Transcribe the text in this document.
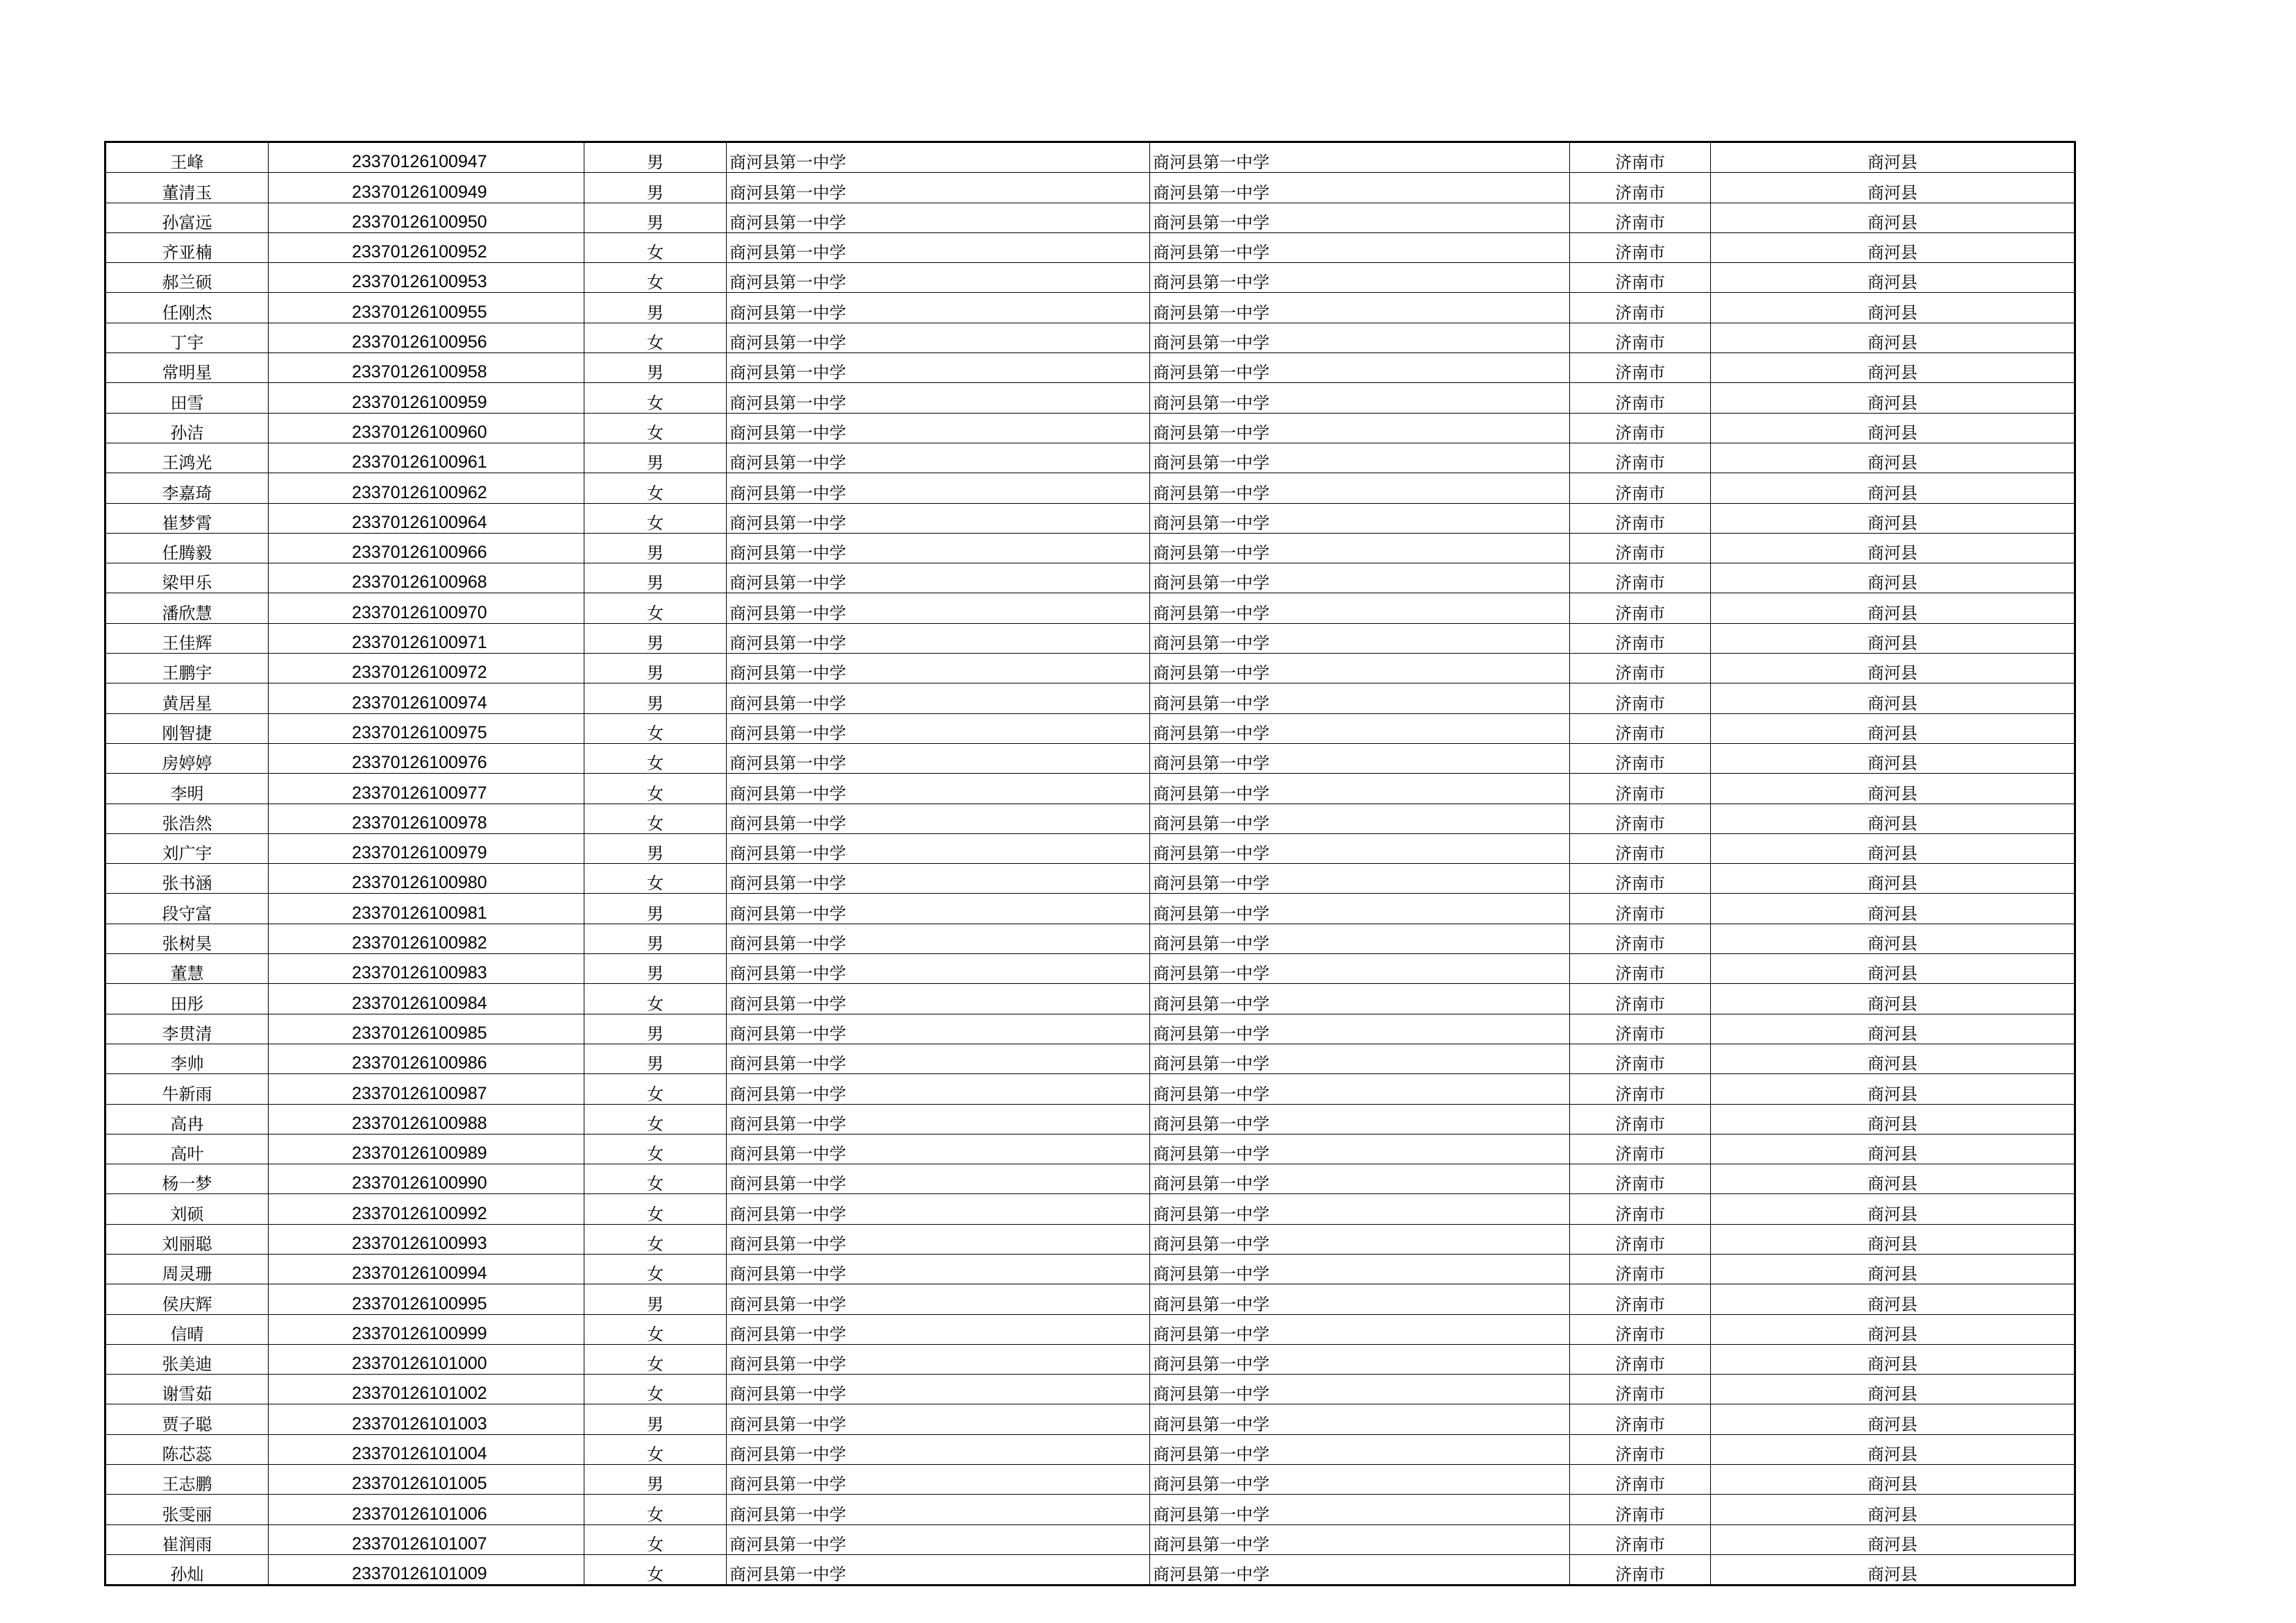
王峰	23370126100947	男	商河县第一中学	商河县第一中学	济南市	商河县
董清玉	23370126100949	男	商河县第一中学	商河县第一中学	济南市	商河县
孙富远	23370126100950	男	商河县第一中学	商河县第一中学	济南市	商河县
齐亚楠	23370126100952	女	商河县第一中学	商河县第一中学	济南市	商河县
郝兰硕	23370126100953	女	商河县第一中学	商河县第一中学	济南市	商河县
任刚杰	23370126100955	男	商河县第一中学	商河县第一中学	济南市	商河县
丁宇	23370126100956	女	商河县第一中学	商河县第一中学	济南市	商河县
常明星	23370126100958	男	商河县第一中学	商河县第一中学	济南市	商河县
田雪	23370126100959	女	商河县第一中学	商河县第一中学	济南市	商河县
孙洁	23370126100960	女	商河县第一中学	商河县第一中学	济南市	商河县
王鸿光	23370126100961	男	商河县第一中学	商河县第一中学	济南市	商河县
李嘉琦	23370126100962	女	商河县第一中学	商河县第一中学	济南市	商河县
崔梦霄	23370126100964	女	商河县第一中学	商河县第一中学	济南市	商河县
任腾毅	23370126100966	男	商河县第一中学	商河县第一中学	济南市	商河县
梁甲乐	23370126100968	男	商河县第一中学	商河县第一中学	济南市	商河县
潘欣慧	23370126100970	女	商河县第一中学	商河县第一中学	济南市	商河县
王佳辉	23370126100971	男	商河县第一中学	商河县第一中学	济南市	商河县
王鹏宇	23370126100972	男	商河县第一中学	商河县第一中学	济南市	商河县
黄居星	23370126100974	男	商河县第一中学	商河县第一中学	济南市	商河县
刚智捷	23370126100975	女	商河县第一中学	商河县第一中学	济南市	商河县
房婷婷	23370126100976	女	商河县第一中学	商河县第一中学	济南市	商河县
李明	23370126100977	女	商河县第一中学	商河县第一中学	济南市	商河县
张浩然	23370126100978	女	商河县第一中学	商河县第一中学	济南市	商河县
刘广宇	23370126100979	男	商河县第一中学	商河县第一中学	济南市	商河县
张书涵	23370126100980	女	商河县第一中学	商河县第一中学	济南市	商河县
段守富	23370126100981	男	商河县第一中学	商河县第一中学	济南市	商河县
张树昊	23370126100982	男	商河县第一中学	商河县第一中学	济南市	商河县
董慧	23370126100983	男	商河县第一中学	商河县第一中学	济南市	商河县
田彤	23370126100984	女	商河县第一中学	商河县第一中学	济南市	商河县
李贯清	23370126100985	男	商河县第一中学	商河县第一中学	济南市	商河县
李帅	23370126100986	男	商河县第一中学	商河县第一中学	济南市	商河县
牛新雨	23370126100987	女	商河县第一中学	商河县第一中学	济南市	商河县
高冉	23370126100988	女	商河县第一中学	商河县第一中学	济南市	商河县
高叶	23370126100989	女	商河县第一中学	商河县第一中学	济南市	商河县
杨一梦	23370126100990	女	商河县第一中学	商河县第一中学	济南市	商河县
刘硕	23370126100992	女	商河县第一中学	商河县第一中学	济南市	商河县
刘丽聪	23370126100993	女	商河县第一中学	商河县第一中学	济南市	商河县
周灵珊	23370126100994	女	商河县第一中学	商河县第一中学	济南市	商河县
侯庆辉	23370126100995	男	商河县第一中学	商河县第一中学	济南市	商河县
信晴	23370126100999	女	商河县第一中学	商河县第一中学	济南市	商河县
张美迪	23370126101000	女	商河县第一中学	商河县第一中学	济南市	商河县
谢雪茹	23370126101002	女	商河县第一中学	商河县第一中学	济南市	商河县
贾子聪	23370126101003	男	商河县第一中学	商河县第一中学	济南市	商河县
陈芯蕊	23370126101004	女	商河县第一中学	商河县第一中学	济南市	商河县
王志鹏	23370126101005	男	商河县第一中学	商河县第一中学	济南市	商河县
张雯丽	23370126101006	女	商河县第一中学	商河县第一中学	济南市	商河县
崔润雨	23370126101007	女	商河县第一中学	商河县第一中学	济南市	商河县
孙灿	23370126101009	女	商河县第一中学	商河县第一中学	济南市	商河县
